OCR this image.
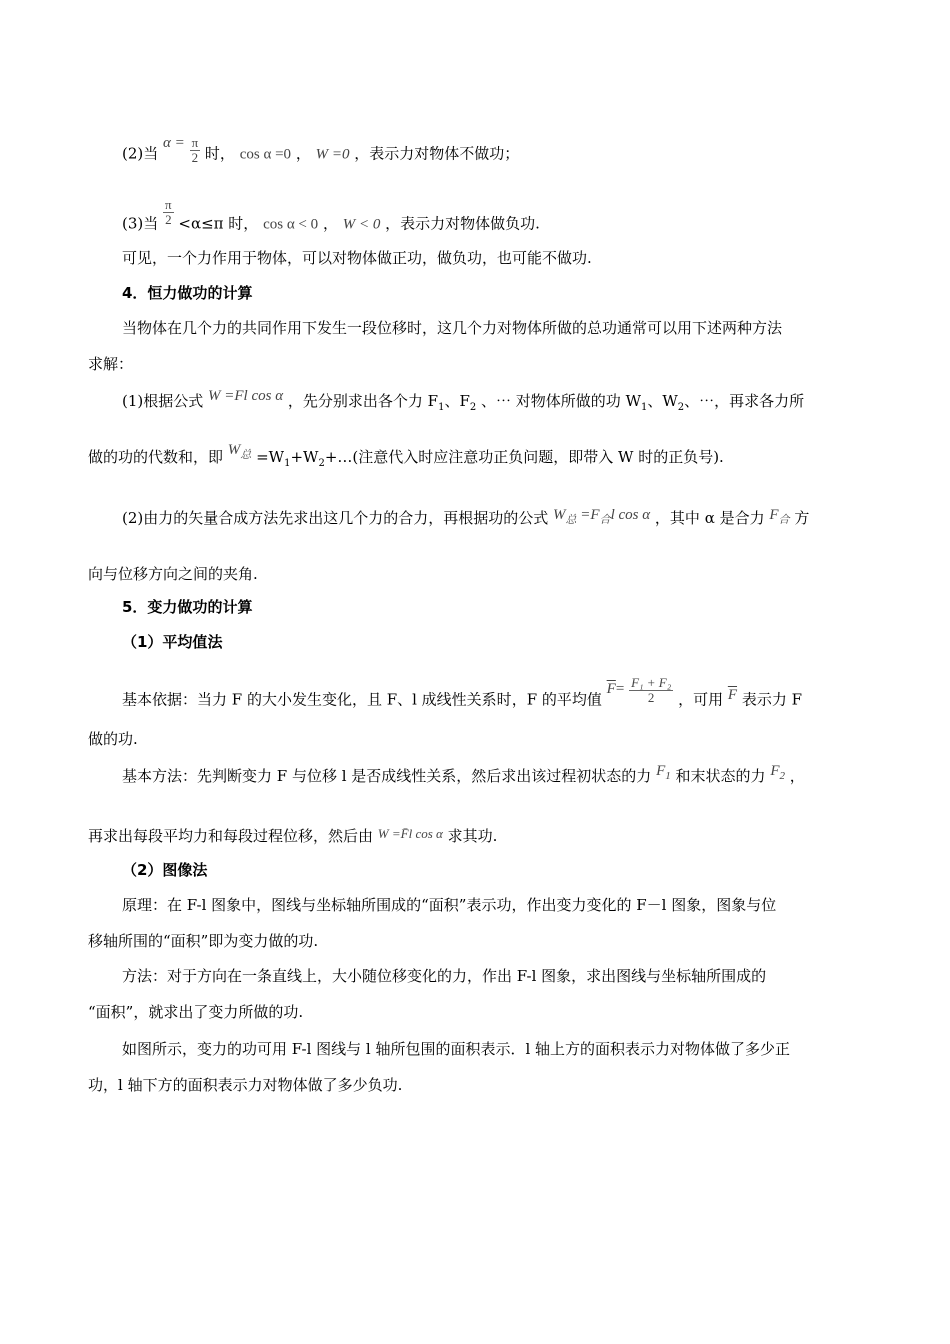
(2)当 $\alpha = \frac{\pi}{2}$ 时， cos α =0 ， W =0 ，表示力对物体不做功；
(3)当 $\frac{\pi}{2} <\alpha\le\pi$ 时， cos α < 0 ， W < 0 ，表示力对物体做负功.
可见，一个力作用于物体，可以对物体做正功，做负功，也可能不做功.
4．恒力做功的计算
当物体在几个力的共同作用下发生一段位移时，这几个力对物体所做的总功通常可以用下述两种方法
求解：
(1)根据公式 W =Fl cos α ，先分别求出各个力 $F_1$、$F_2$ 、⋯ 对物体所做的功 $W_1$、$W_2$、⋯，再求各力所
做的功的代数和，即 $W_总$ $=W_1+W_2+\dots$(注意代入时应注意功正负问题，即带入 W 时的正负号).
(2)由力的矢量合成方法先求出这几个力的合力，再根据功的公式 $W_总 =F_合l$ cos α ，其中 α 是合力 $F_合$ 方
向与位移方向之间的夹角.
5．变力做功的计算
（1）平均值法
基本依据：当力 F 的大小发生变化，且 F、l 成线性关系时，F 的平均值 $\overline{F}= \frac{\text{F₁ + F₂}}{2}$ ，可用 $\overline{F}$ 表示力 F
做的功.
基本方法：先判断变力 F 与位移 l 是否成线性关系，然后求出该过程初状态的力 $F_1$ 和末状态的力 $F_2$ ，
再求出每段平均力和每段过程位移，然后由 W =F̄l cos α 求其功.
（2）图像法
原理：在 F-l 图象中，图线与坐标轴所围成的“面积”表示功，作出变力变化的 F－l 图象，图象与位
移轴所围的“面积”即为变力做的功.
方法：对于方向在一条直线上，大小随位移变化的力，作出 F-l 图象，求出图线与坐标轴所围成的
“面积”，就求出了变力所做的功.
如图所示，变力的功可用 F-l 图线与 l 轴所包围的面积表示．l 轴上方的面积表示力对物体做了多少正
功，l 轴下方的面积表示力对物体做了多少负功.
